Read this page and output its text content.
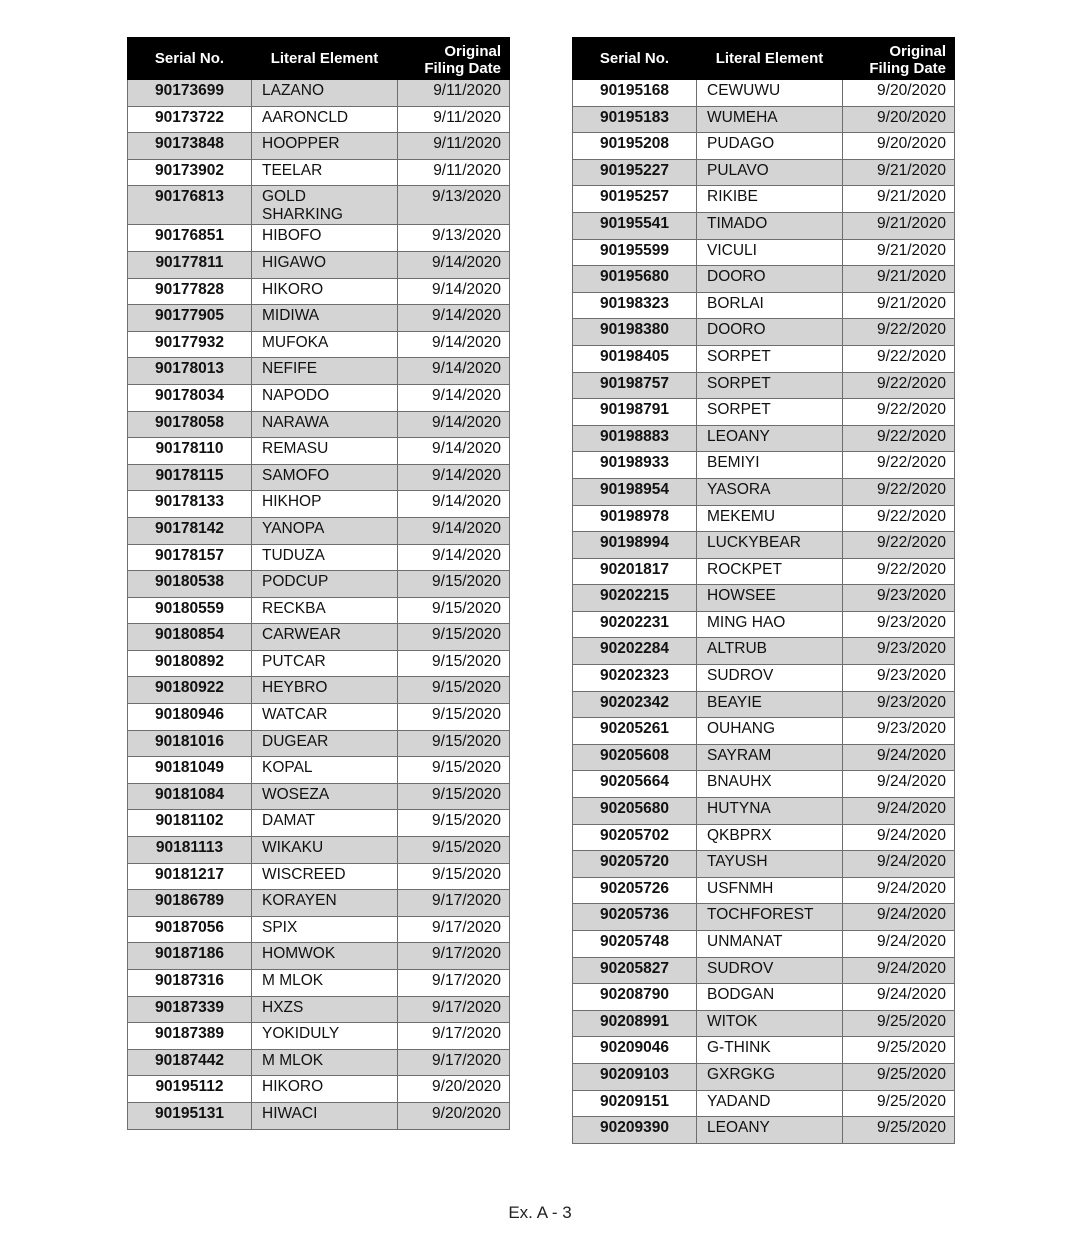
Serial No.	Literal Element	Original
Filing Date
90173699	LAZANO	9/11/2020
90173722	AARONCLD	9/11/2020
90173848	HOOPPER	9/11/2020
90173902	TEELAR	9/11/2020
90176813	GOLD SHARKING	9/13/2020
90176851	HIBOFO	9/13/2020
90177811	HIGAWO	9/14/2020
90177828	HIKORO	9/14/2020
90177905	MIDIWA	9/14/2020
90177932	MUFOKA	9/14/2020
90178013	NEFIFE	9/14/2020
90178034	NAPODO	9/14/2020
90178058	NARAWA	9/14/2020
90178110	REMASU	9/14/2020
90178115	SAMOFO	9/14/2020
90178133	HIKHOP	9/14/2020
90178142	YANOPA	9/14/2020
90178157	TUDUZA	9/14/2020
90180538	PODCUP	9/15/2020
90180559	RECKBA	9/15/2020
90180854	CARWEAR	9/15/2020
90180892	PUTCAR	9/15/2020
90180922	HEYBRO	9/15/2020
90180946	WATCAR	9/15/2020
90181016	DUGEAR	9/15/2020
90181049	KOPAL	9/15/2020
90181084	WOSEZA	9/15/2020
90181102	DAMAT	9/15/2020
90181113	WIKAKU	9/15/2020
90181217	WISCREED	9/15/2020
90186789	KORAYEN	9/17/2020
90187056	SPIX	9/17/2020
90187186	HOMWOK	9/17/2020
90187316	M MLOK	9/17/2020
90187339	HXZS	9/17/2020
90187389	YOKIDULY	9/17/2020
90187442	M MLOK	9/17/2020
90195112	HIKORO	9/20/2020
90195131	HIWACI	9/20/2020
Serial No.	Literal Element	Original
Filing Date
90195168	CEWUWU	9/20/2020
90195183	WUMEHA	9/20/2020
90195208	PUDAGO	9/20/2020
90195227	PULAVO	9/21/2020
90195257	RIKIBE	9/21/2020
90195541	TIMADO	9/21/2020
90195599	VICULI	9/21/2020
90195680	DOORO	9/21/2020
90198323	BORLAI	9/21/2020
90198380	DOORO	9/22/2020
90198405	SORPET	9/22/2020
90198757	SORPET	9/22/2020
90198791	SORPET	9/22/2020
90198883	LEOANY	9/22/2020
90198933	BEMIYI	9/22/2020
90198954	YASORA	9/22/2020
90198978	MEKEMU	9/22/2020
90198994	LUCKYBEAR	9/22/2020
90201817	ROCKPET	9/22/2020
90202215	HOWSEE	9/23/2020
90202231	MING HAO	9/23/2020
90202284	ALTRUB	9/23/2020
90202323	SUDROV	9/23/2020
90202342	BEAYIE	9/23/2020
90205261	OUHANG	9/23/2020
90205608	SAYRAM	9/24/2020
90205664	BNAUHX	9/24/2020
90205680	HUTYNA	9/24/2020
90205702	QKBPRX	9/24/2020
90205720	TAYUSH	9/24/2020
90205726	USFNMH	9/24/2020
90205736	TOCHFOREST	9/24/2020
90205748	UNMANAT	9/24/2020
90205827	SUDROV	9/24/2020
90208790	BODGAN	9/24/2020
90208991	WITOK	9/25/2020
90209046	G-THINK	9/25/2020
90209103	GXRGKG	9/25/2020
90209151	YADAND	9/25/2020
90209390	LEOANY	9/25/2020
Ex. A - 3
